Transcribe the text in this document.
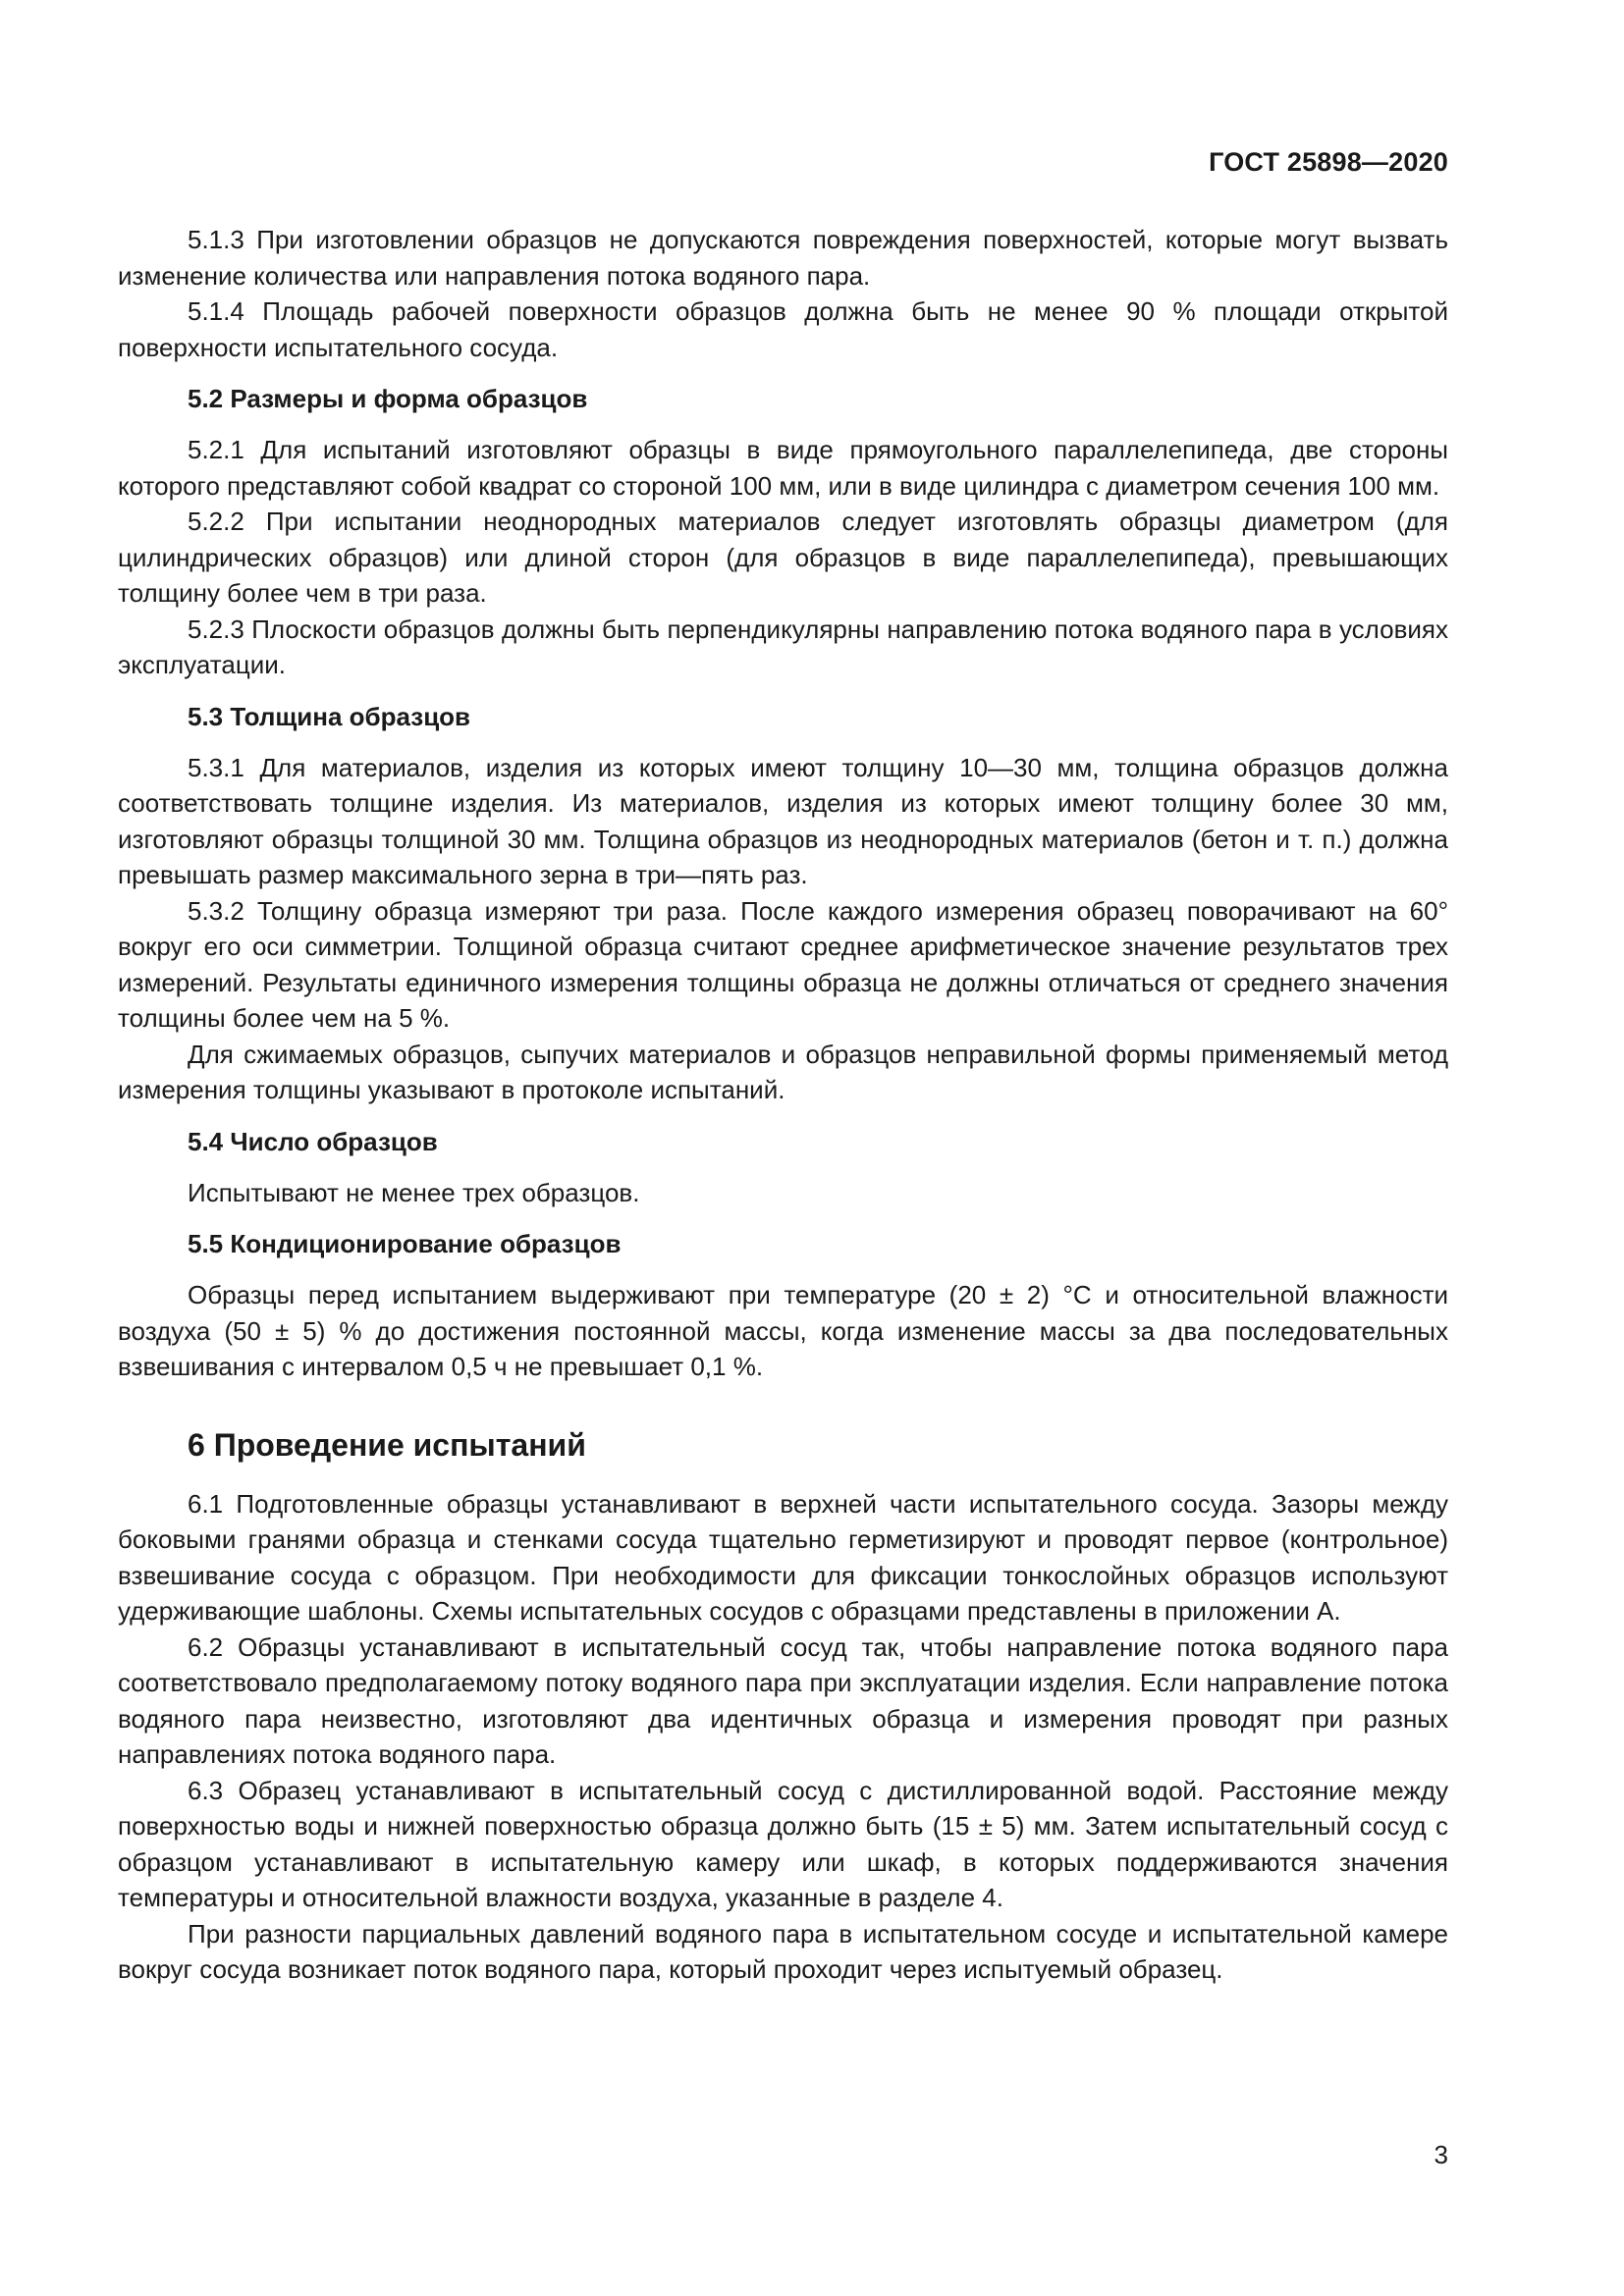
ГОСТ 25898—2020

5.1.3 При изготовлении образцов не допускаются повреждения поверхностей, которые могут вызвать изменение количества или направления потока водяного пара.

5.1.4 Площадь рабочей поверхности образцов должна быть не менее 90 % площади открытой поверхности испытательного сосуда.

5.2 Размеры и форма образцов

5.2.1 Для испытаний изготовляют образцы в виде прямоугольного параллелепипеда, две стороны которого представляют собой квадрат со стороной 100 мм, или в виде цилиндра с диаметром сечения 100 мм.

5.2.2 При испытании неоднородных материалов следует изготовлять образцы диаметром (для цилиндрических образцов) или длиной сторон (для образцов в виде параллелепипеда), превышающих толщину более чем в три раза.

5.2.3 Плоскости образцов должны быть перпендикулярны направлению потока водяного пара в условиях эксплуатации.

5.3 Толщина образцов

5.3.1 Для материалов, изделия из которых имеют толщину 10—30 мм, толщина образцов должна соответствовать толщине изделия. Из материалов, изделия из которых имеют толщину более 30 мм, изготовляют образцы толщиной 30 мм. Толщина образцов из неоднородных материалов (бетон и т. п.) должна превышать размер максимального зерна в три—пять раз.

5.3.2 Толщину образца измеряют три раза. После каждого измерения образец поворачивают на 60° вокруг его оси симметрии. Толщиной образца считают среднее арифметическое значение результатов трех измерений. Результаты единичного измерения толщины образца не должны отличаться от среднего значения толщины более чем на 5 %.

Для сжимаемых образцов, сыпучих материалов и образцов неправильной формы применяемый метод измерения толщины указывают в протоколе испытаний.

5.4 Число образцов

Испытывают не менее трех образцов.

5.5 Кондиционирование образцов

Образцы перед испытанием выдерживают при температуре (20 ± 2) °С и относительной влажности воздуха (50 ± 5) % до достижения постоянной массы, когда изменение массы за два последовательных взвешивания с интервалом 0,5 ч не превышает 0,1 %.

6 Проведение испытаний

6.1 Подготовленные образцы устанавливают в верхней части испытательного сосуда. Зазоры между боковыми гранями образца и стенками сосуда тщательно герметизируют и проводят первое (контрольное) взвешивание сосуда с образцом. При необходимости для фиксации тонкослойных образцов используют удерживающие шаблоны. Схемы испытательных сосудов с образцами представлены в приложении А.

6.2 Образцы устанавливают в испытательный сосуд так, чтобы направление потока водяного пара соответствовало предполагаемому потоку водяного пара при эксплуатации изделия. Если направление потока водяного пара неизвестно, изготовляют два идентичных образца и измерения проводят при разных направлениях потока водяного пара.

6.3 Образец устанавливают в испытательный сосуд с дистиллированной водой. Расстояние между поверхностью воды и нижней поверхностью образца должно быть (15 ± 5) мм. Затем испытательный сосуд с образцом устанавливают в испытательную камеру или шкаф, в которых поддерживаются значения температуры и относительной влажности воздуха, указанные в разделе 4.

При разности парциальных давлений водяного пара в испытательном сосуде и испытательной камере вокруг сосуда возникает поток водяного пара, который проходит через испытуемый образец.

3
